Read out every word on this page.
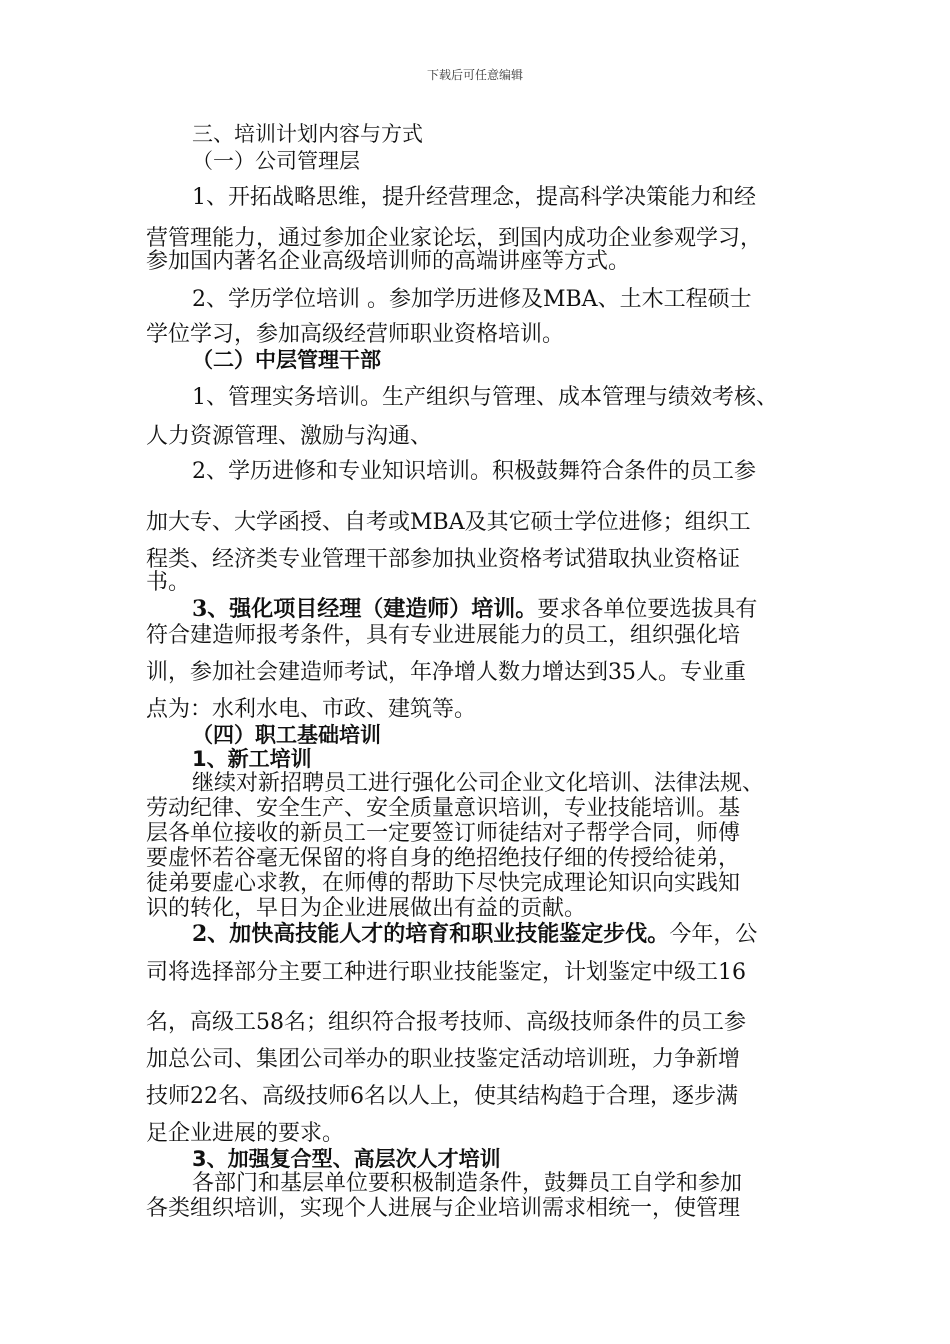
下载后可任意编辑
三、培训计划内容与方式
（一）公司管理层
1、开拓战略思维，提升经营理念，提高科学决策能力和经
营管理能力，通过参加企业家论坛，到国内成功企业参观学习，
参加国内著名企业高级培训师的高端讲座等方式。
2、学历学位培训 。参加学历进修及MBA、土木工程硕士
学位学习，参加高级经营师职业资格培训。
（二）中层管理干部
1、管理实务培训。生产组织与管理、成本管理与绩效考核、
人力资源管理、激励与沟通、
2、学历进修和专业知识培训。积极鼓舞符合条件的员工参
加大专、大学函授、自考或MBA及其它硕士学位进修；组织工
程类、经济类专业管理干部参加执业资格考试猎取执业资格证
书。
3、强化项目经理（建造师）培训。要求各单位要选拔具有
符合建造师报考条件，具有专业进展能力的员工，组织强化培
训，参加社会建造师考试，年净增人数力增达到35人。专业重
点为：水利水电、市政、建筑等。
（四）职工基础培训
1、新工培训
继续对新招聘员工进行强化公司企业文化培训、法律法规、
劳动纪律、安全生产、安全质量意识培训，专业技能培训。基
层各单位接收的新员工一定要签订师徒结对子帮学合同，师傅
要虚怀若谷毫无保留的将自身的绝招绝技仔细的传授给徒弟，
徒弟要虚心求教，在师傅的帮助下尽快完成理论知识向实践知
识的转化，早日为企业进展做出有益的贡献。
2、加快高技能人才的培育和职业技能鉴定步伐。今年，公
司将选择部分主要工种进行职业技能鉴定，计划鉴定中级工16
名，高级工58名；组织符合报考技师、高级技师条件的员工参
加总公司、集团公司举办的职业技鉴定活动培训班，力争新增
技师22名、高级技师6名以人上，使其结构趋于合理，逐步满
足企业进展的要求。
3、加强复合型、高层次人才培训
各部门和基层单位要积极制造条件，鼓舞员工自学和参加
各类组织培训，实现个人进展与企业培训需求相统一，使管理
